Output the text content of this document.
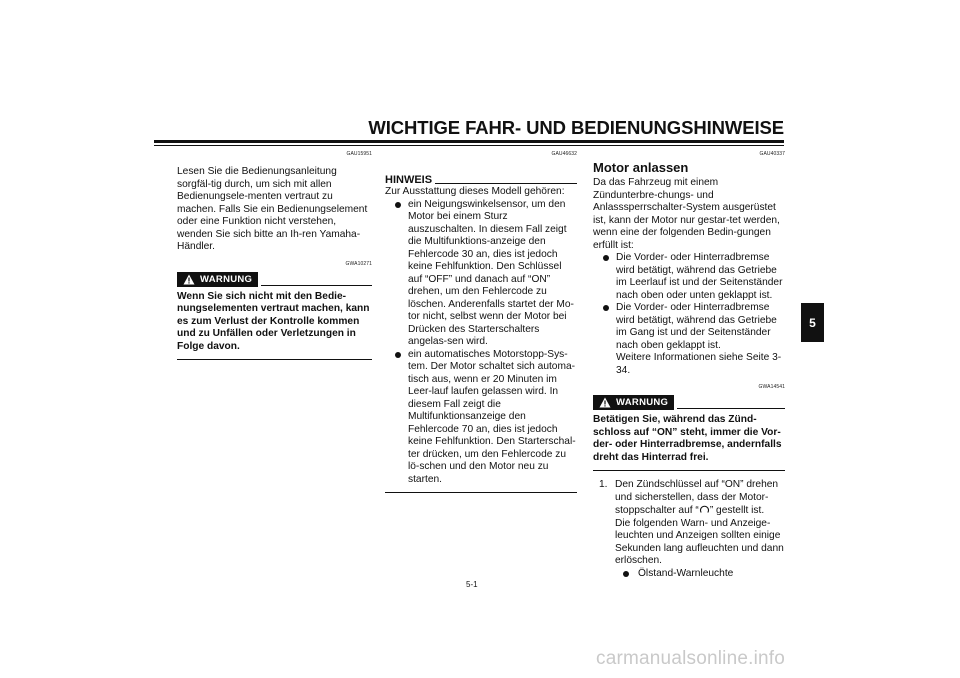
WICHTIGE FAHR- UND BEDIENUNGSHINWEISE
GAU15951

Lesen Sie die Bedienungsanleitung sorgfäl-tig durch, um sich mit allen Bedienungsele-menten vertraut zu machen. Falls Sie ein Bedienungselement oder eine Funktion nicht verstehen, wenden Sie sich bitte an Ih-ren Yamaha-Händler.

GWA10271
WARNUNG

Wenn Sie sich nicht mit den Bedie-nungselementen vertraut machen, kann es zum Verlust der Kontrolle kommen und zu Unfällen oder Verletzungen in Folge davon.

GAU46632
HINWEIS

Zur Ausstattung dieses Modell gehören:

ein Neigungswinkelsensor, um den Motor bei einem Sturz auszuschalten. In diesem Fall zeigt die Multifunktions-anzeige den Fehlercode 30 an, dies ist jedoch keine Fehlfunktion. Den Schlüssel auf “OFF” und danach auf “ON” drehen, um den Fehlercode zu löschen. Anderenfalls startet der Mo-tor nicht, selbst wenn der Motor bei Drücken des Starterschalters angelas-sen wird.
ein automatisches Motorstopp-Sys-tem. Der Motor schaltet sich automa-tisch aus, wenn er 20 Minuten im Leer-lauf laufen gelassen wird. In diesem Fall zeigt die Multifunktionsanzeige den Fehlercode 70 an, dies ist jedoch keine Fehlfunktion. Den Starterschal-ter drücken, um den Fehlercode zu lö-schen und den Motor neu zu starten.
GAU40337
Motor anlassen

Da das Fahrzeug mit einem Zündunterbre-chungs- und Anlasssperrschalter-System ausgerüstet ist, kann der Motor nur gestar-tet werden, wenn eine der folgenden Bedin-gungen erfüllt ist:

Die Vorder- oder Hinterradbremse wird betätigt, während das Getriebe im Leerlauf ist und der Seitenständer nach oben oder unten geklappt ist.
Die Vorder- oder Hinterradbremse wird betätigt, während das Getriebe im Gang ist und der Seitenständer nach oben geklappt ist.
Weitere Informationen siehe Seite 3-34.
GWA14541
WARNUNG

Betätigen Sie, während das Zünd-schloss auf “ON” steht, immer die Vor-der- oder Hinterradbremse, andernfalls dreht das Hinterrad frei.

1. Den Zündschlüssel auf “ON” drehen und sicherstellen, dass der Motor-stoppschalter auf “ ” gestellt ist.
Die folgenden Warn- und Anzeige-leuchten und Anzeigen sollten einige Sekunden lang aufleuchten und dann erlöschen.
Ölstand-Warnleuchte
5
5-1
carmanualsonline.info
